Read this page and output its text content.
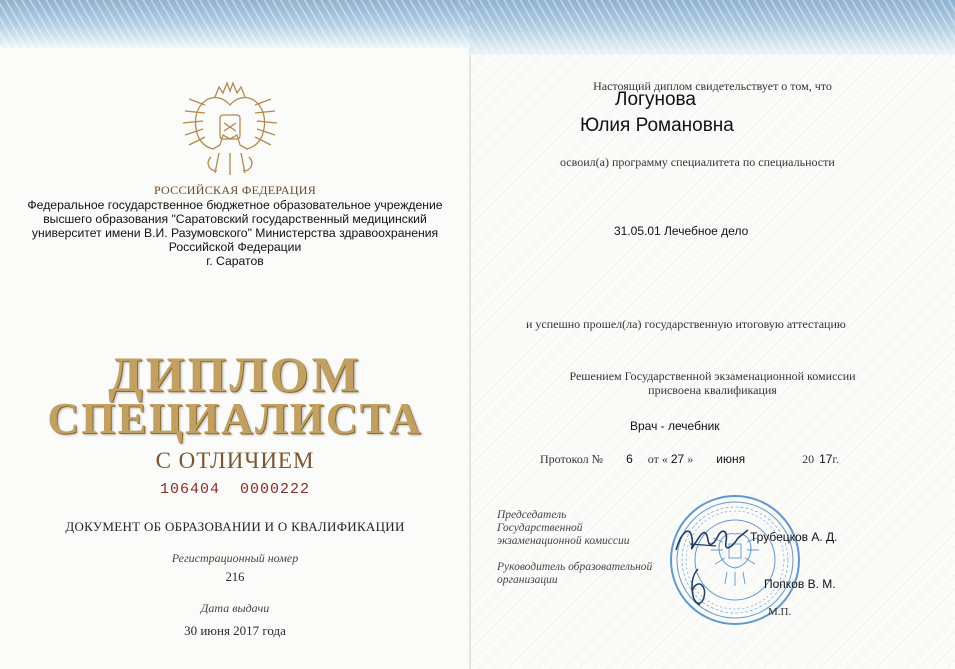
РОССИЙСКАЯ ФЕДЕРАЦИЯ
Федеральное государственное бюджетное образовательное учреждение
высшего образования "Саратовский государственный медицинский
университет имени В.И. Разумовского" Министерства здравоохранения
Российской Федерации
г. Саратов
ДИПЛОМ
СПЕЦИАЛИСТА
С ОТЛИЧИЕМ
106404  0000222
ДОКУМЕНТ ОБ ОБРАЗОВАНИИ И О КВАЛИФИКАЦИИ
Регистрационный номер
216
Дата выдачи
30 июня 2017 года
Настоящий диплом свидетельствует о том, что
Логунова
Юлия Романовна
освоил(а) программу специалитета по специальности
31.05.01 Лечебное дело
и успешно прошел(ла) государственную итоговую аттестацию
Решением Государственной экзаменационной комиссии
присвоена квалификация
Врач - лечебник
Протокол № 6 от « 27 » июня	20 17г.
Председатель
Государственной
экзаменационной комиссии
Руководитель образовательной
организации
Трубецков А. Д.
Попков В. М.
М.П.
